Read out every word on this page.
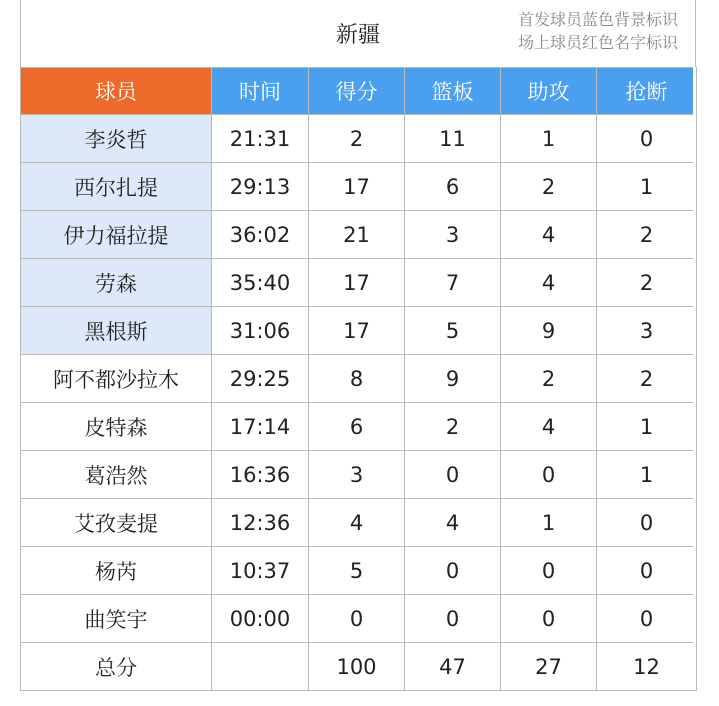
新疆
首发球员蓝色背景标识
场上球员红色名字标识
球员	时间	得分	篮板	助攻	抢断
李炎哲	21:31	2	11	1	0
西尔扎提	29:13	17	6	2	1
伊力福拉提	36:02	21	3	4	2
劳森	35:40	17	7	4	2
黑根斯	31:06	17	5	9	3
阿不都沙拉木	29:25	8	9	2	2
皮特森	17:14	6	2	4	1
葛浩然	16:36	3	0	0	1
艾孜麦提	12:36	4	4	1	0
杨芮	10:37	5	0	0	0
曲笑宇	00:00	0	0	0	0
总分		100	47	27	12
